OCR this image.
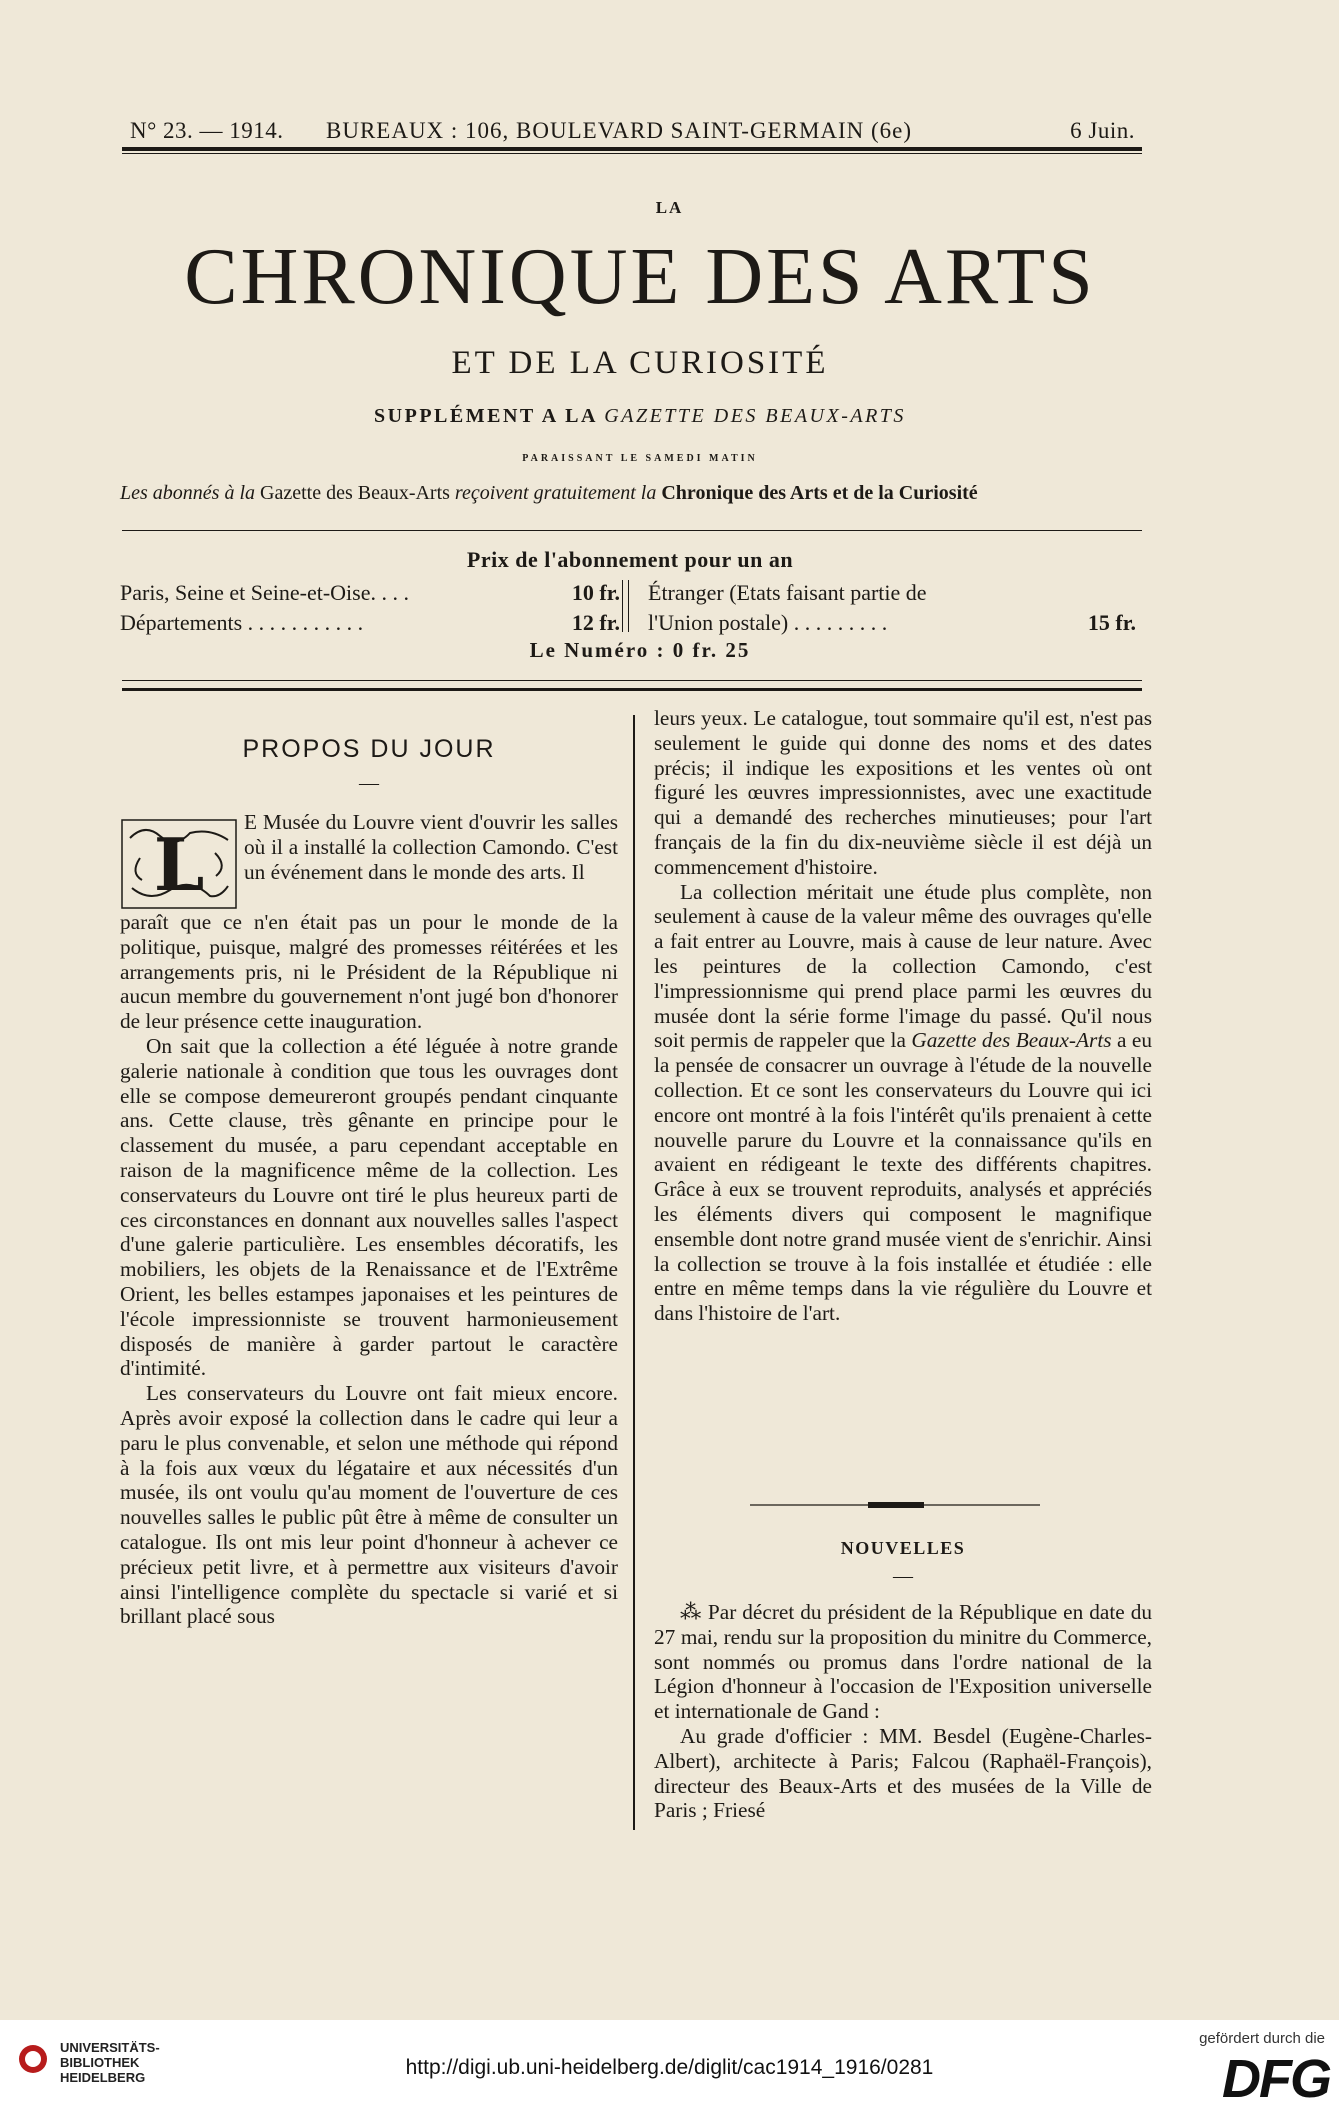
N° 23. — 1914. BUREAUX : 106, BOULEVARD SAINT-GERMAIN (6e)	6 Juin.
LA
CHRONIQUE DES ARTS
ET DE LA CURIOSITÉ
SUPPLÉMENT A LA GAZETTE DES BEAUX-ARTS
PARAISSANT LE SAMEDI MATIN
Les abonnés à la Gazette des Beaux-Arts reçoivent gratuitement la Chronique des Arts et de la Curiosité
Prix de l'abonnement pour un an
Paris, Seine et Seine-et-Oise. . . .	10 fr.
Départements . . . . . . . . . . .	12 fr.
Étranger (Etats faisant partie de
l'Union postale) . . . . . . . . .	15 fr.
Le Numéro : 0 fr. 25
PROPOS DU JOUR
—
L E Musée du Louvre vient d'ouvrir les salles où il a installé la collection Camondo. C'est un événement dans le monde des arts. Il

paraît que ce n'en était pas un pour le monde de la politique, puisque, malgré des promesses réitérées et les arrangements pris, ni le Président de la République ni aucun membre du gouvernement n'ont jugé bon d'honorer de leur présence cette inauguration.

On sait que la collection a été léguée à notre grande galerie nationale à condition que tous les ouvrages dont elle se compose demeureront groupés pendant cinquante ans. Cette clause, très gênante en principe pour le classement du musée, a paru cependant acceptable en raison de la magnificence même de la collection. Les conservateurs du Louvre ont tiré le plus heureux parti de ces circonstances en donnant aux nouvelles salles l'aspect d'une galerie particulière. Les ensembles décoratifs, les mobiliers, les objets de la Renaissance et de l'Extrême Orient, les belles estampes japonaises et les peintures de l'école impressionniste se trouvent harmonieusement disposés de manière à garder partout le caractère d'intimité.

Les conservateurs du Louvre ont fait mieux encore. Après avoir exposé la collection dans le cadre qui leur a paru le plus convenable, et selon une méthode qui répond à la fois aux vœux du légataire et aux nécessités d'un musée, ils ont voulu qu'au moment de l'ouverture de ces nouvelles salles le public pût être à même de consulter un catalogue. Ils ont mis leur point d'honneur à achever ce précieux petit livre, et à permettre aux visiteurs d'avoir ainsi l'intelligence complète du spectacle si varié et si brillant placé sous

leurs yeux. Le catalogue, tout sommaire qu'il est, n'est pas seulement le guide qui donne des noms et des dates précis; il indique les expositions et les ventes où ont figuré les œuvres impressionnistes, avec une exactitude qui a demandé des recherches minutieuses; pour l'art français de la fin du dix-neuvième siècle il est déjà un commencement d'histoire.

La collection méritait une étude plus complète, non seulement à cause de la valeur même des ouvrages qu'elle a fait entrer au Louvre, mais à cause de leur nature. Avec les peintures de la collection Camondo, c'est l'impressionnisme qui prend place parmi les œuvres du musée dont la série forme l'image du passé. Qu'il nous soit permis de rappeler que la Gazette des Beaux-Arts a eu la pensée de consacrer un ouvrage à l'étude de la nouvelle collection. Et ce sont les conservateurs du Louvre qui ici encore ont montré à la fois l'intérêt qu'ils prenaient à cette nouvelle parure du Louvre et la connaissance qu'ils en avaient en rédigeant le texte des différents chapitres. Grâce à eux se trouvent reproduits, analysés et appréciés les éléments divers qui composent le magnifique ensemble dont notre grand musée vient de s'enrichir. Ainsi la collection se trouve à la fois installée et étudiée : elle entre en même temps dans la vie régulière du Louvre et dans l'histoire de l'art.

NOUVELLES
—

⁂ Par décret du président de la République en date du 27 mai, rendu sur la proposition du minitre du Commerce, sont nommés ou promus dans l'ordre national de la Légion d'honneur à l'occasion de l'Exposition universelle et internationale de Gand :

Au grade d'officier : MM. Besdel (Eugène-Charles-Albert), architecte à Paris; Falcou (Raphaël-François), directeur des Beaux-Arts et des musées de la Ville de Paris ; Friesé

UNIVERSITÄTS-
BIBLIOTHEK
HEIDELBERG	http://digi.ub.uni-heidelberg.de/diglit/cac1914_1916/0281
gefördert durch die
DFG
